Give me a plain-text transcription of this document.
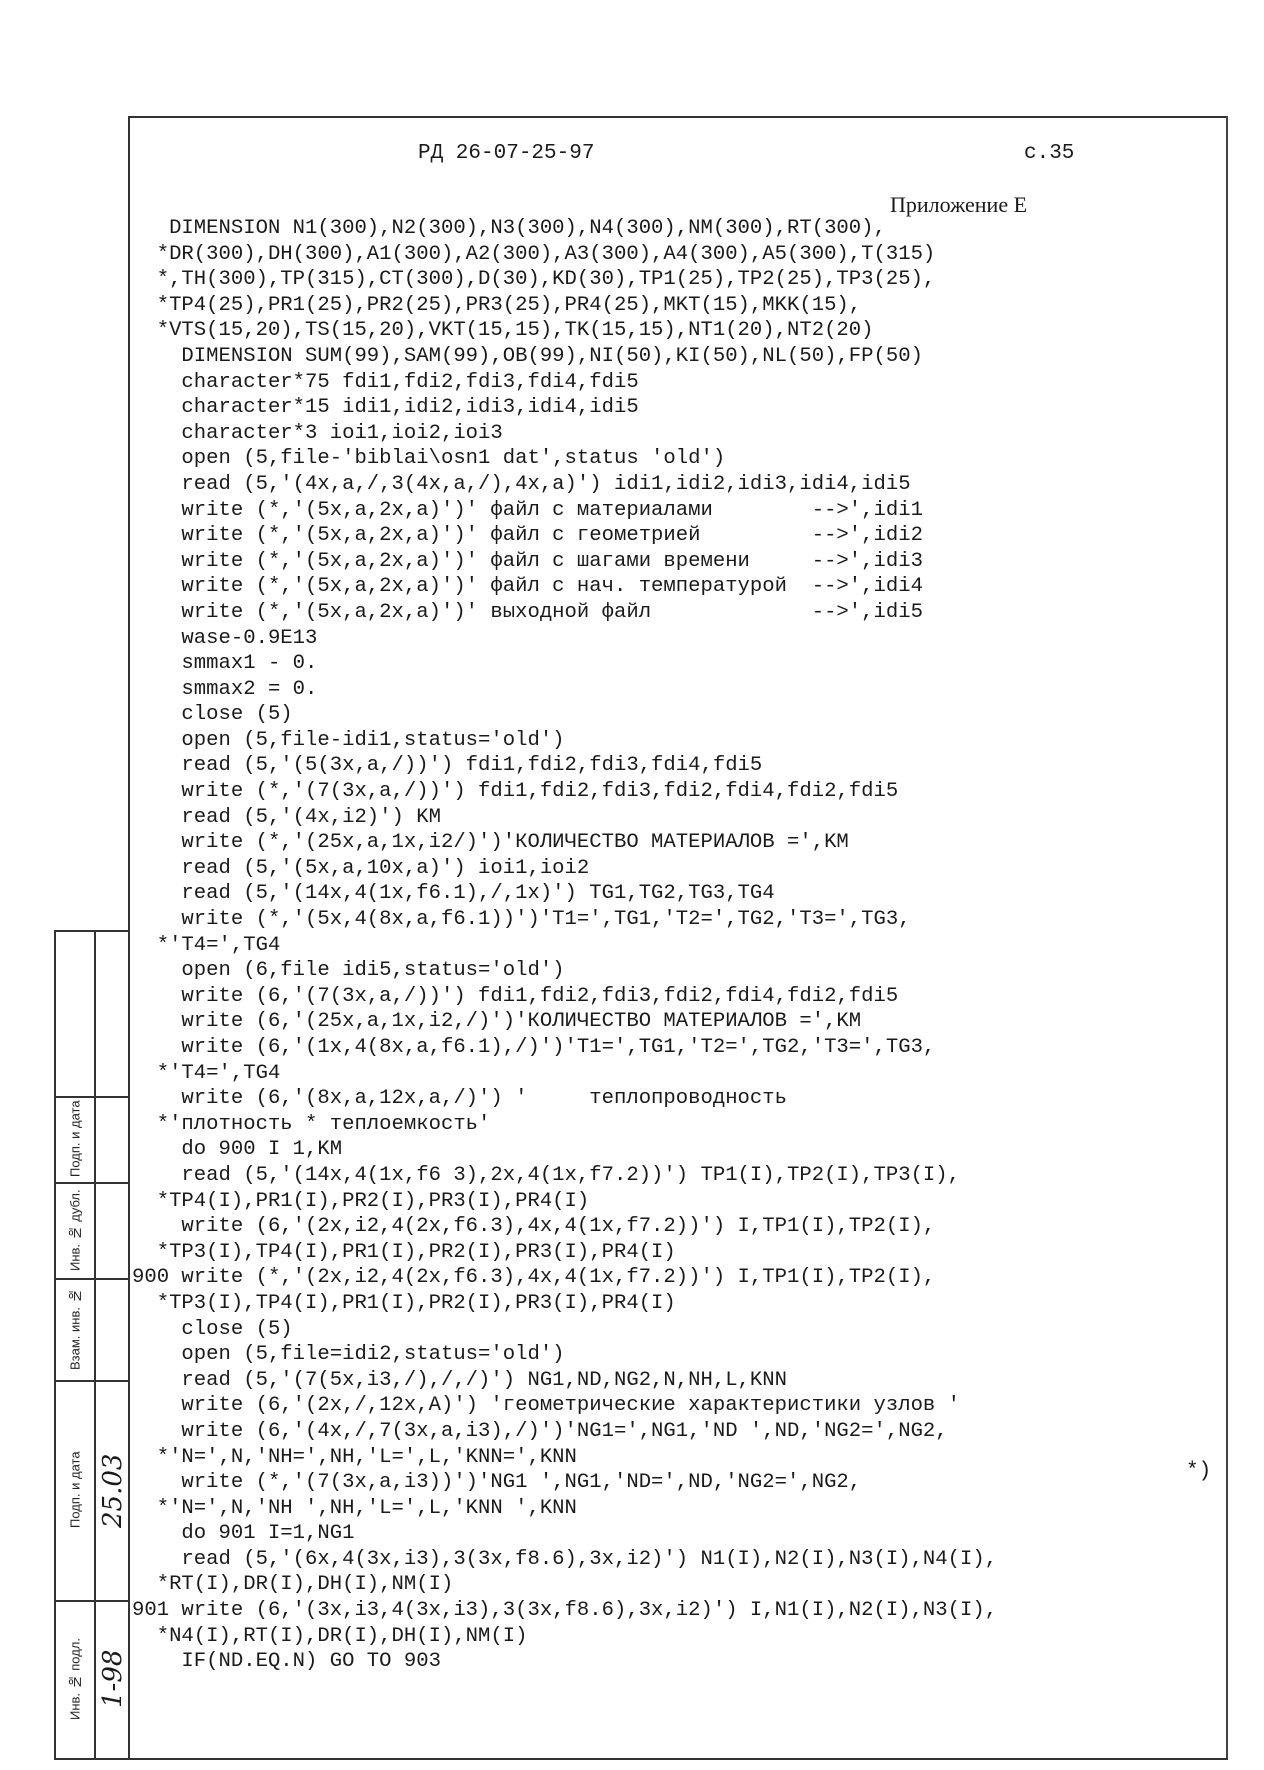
Инв. № подл.
Подп. и дата
Взам. инв. №
Инв. № дубл.
Подп. и дата
25.03
1-98
РД 26-07-25-97	с.35
Приложение Е
DIMENSION N1(300),N2(300),N3(300),N4(300),NM(300),RT(300),
*DR(300),DH(300),A1(300),A2(300),A3(300),A4(300),A5(300),T(315)
*,TH(300),TP(315),CT(300),D(30),KD(30),TP1(25),TP2(25),TP3(25),
*TP4(25),PR1(25),PR2(25),PR3(25),PR4(25),MKT(15),MKK(15),
*VTS(15,20),TS(15,20),VKT(15,15),TK(15,15),NT1(20),NT2(20)
DIMENSION SUM(99),SAM(99),OB(99),NI(50),KI(50),NL(50),FP(50)
character*75 fdi1,fdi2,fdi3,fdi4,fdi5
character*15 idi1,idi2,idi3,idi4,idi5
character*3 ioi1,ioi2,ioi3
open (5,file-'biblai\osn1 dat',status 'old')
read (5,'(4x,a,/,3(4x,a,/),4x,a)') idi1,idi2,idi3,idi4,idi5
write (*,'(5x,a,2x,a)')' файл с материалами        -->',idi1
write (*,'(5x,a,2x,a)')' файл с геометрией         -->',idi2
write (*,'(5x,a,2x,a)')' файл с шагами времени     -->',idi3
write (*,'(5x,a,2x,a)')' файл с нач. температурой  -->',idi4
write (*,'(5x,a,2x,a)')' выходной файл             -->',idi5
wase-0.9E13
smmax1 - 0.
smmax2 = 0.
close (5)
open (5,file-idi1,status='old')
read (5,'(5(3x,a,/))') fdi1,fdi2,fdi3,fdi4,fdi5
write (*,'(7(3x,a,/))') fdi1,fdi2,fdi3,fdi2,fdi4,fdi2,fdi5
read (5,'(4x,i2)') KM
write (*,'(25x,a,1x,i2/)')'КОЛИЧЕСТВО МАТЕРИАЛОВ =',KM
read (5,'(5x,a,10x,a)') ioi1,ioi2
read (5,'(14x,4(1x,f6.1),/,1x)') TG1,TG2,TG3,TG4
write (*,'(5x,4(8x,a,f6.1))')'T1=',TG1,'T2=',TG2,'T3=',TG3,
*'T4=',TG4
open (6,file idi5,status='old')
write (6,'(7(3x,a,/))') fdi1,fdi2,fdi3,fdi2,fdi4,fdi2,fdi5
write (6,'(25x,a,1x,i2,/)')'КОЛИЧЕСТВО МАТЕРИАЛОВ =',KM
write (6,'(1x,4(8x,a,f6.1),/)')'T1=',TG1,'T2=',TG2,'T3=',TG3,
*'T4=',TG4
write (6,'(8x,a,12x,a,/)') '     теплопроводность
*'плотность * теплоемкость'
do 900 I 1,KM
read (5,'(14x,4(1x,f6 3),2x,4(1x,f7.2))') TP1(I),TP2(I),TP3(I),
*TP4(I),PR1(I),PR2(I),PR3(I),PR4(I)
write (6,'(2x,i2,4(2x,f6.3),4x,4(1x,f7.2))') I,TP1(I),TP2(I),
*TP3(I),TP4(I),PR1(I),PR2(I),PR3(I),PR4(I)
900 write (*,'(2x,i2,4(2x,f6.3),4x,4(1x,f7.2))') I,TP1(I),TP2(I),
*TP3(I),TP4(I),PR1(I),PR2(I),PR3(I),PR4(I)
close (5)
open (5,file=idi2,status='old')
read (5,'(7(5x,i3,/),/,/)') NG1,ND,NG2,N,NH,L,KNN
write (6,'(2x,/,12x,A)') 'геометрические характеристики узлов '
write (6,'(4x,/,7(3x,a,i3),/)')'NG1=',NG1,'ND ',ND,'NG2=',NG2,
*'N=',N,'NH=',NH,'L=',L,'KNN=',KNN
write (*,'(7(3x,a,i3))')'NG1 ',NG1,'ND=',ND,'NG2=',NG2,
*'N=',N,'NH ',NH,'L=',L,'KNN ',KNN
do 901 I=1,NG1
read (5,'(6x,4(3x,i3),3(3x,f8.6),3x,i2)') N1(I),N2(I),N3(I),N4(I),
*RT(I),DR(I),DH(I),NM(I)
901 write (6,'(3x,i3,4(3x,i3),3(3x,f8.6),3x,i2)') I,N1(I),N2(I),N3(I),
*N4(I),RT(I),DR(I),DH(I),NM(I)
IF(ND.EQ.N) GO TO 903
*)
